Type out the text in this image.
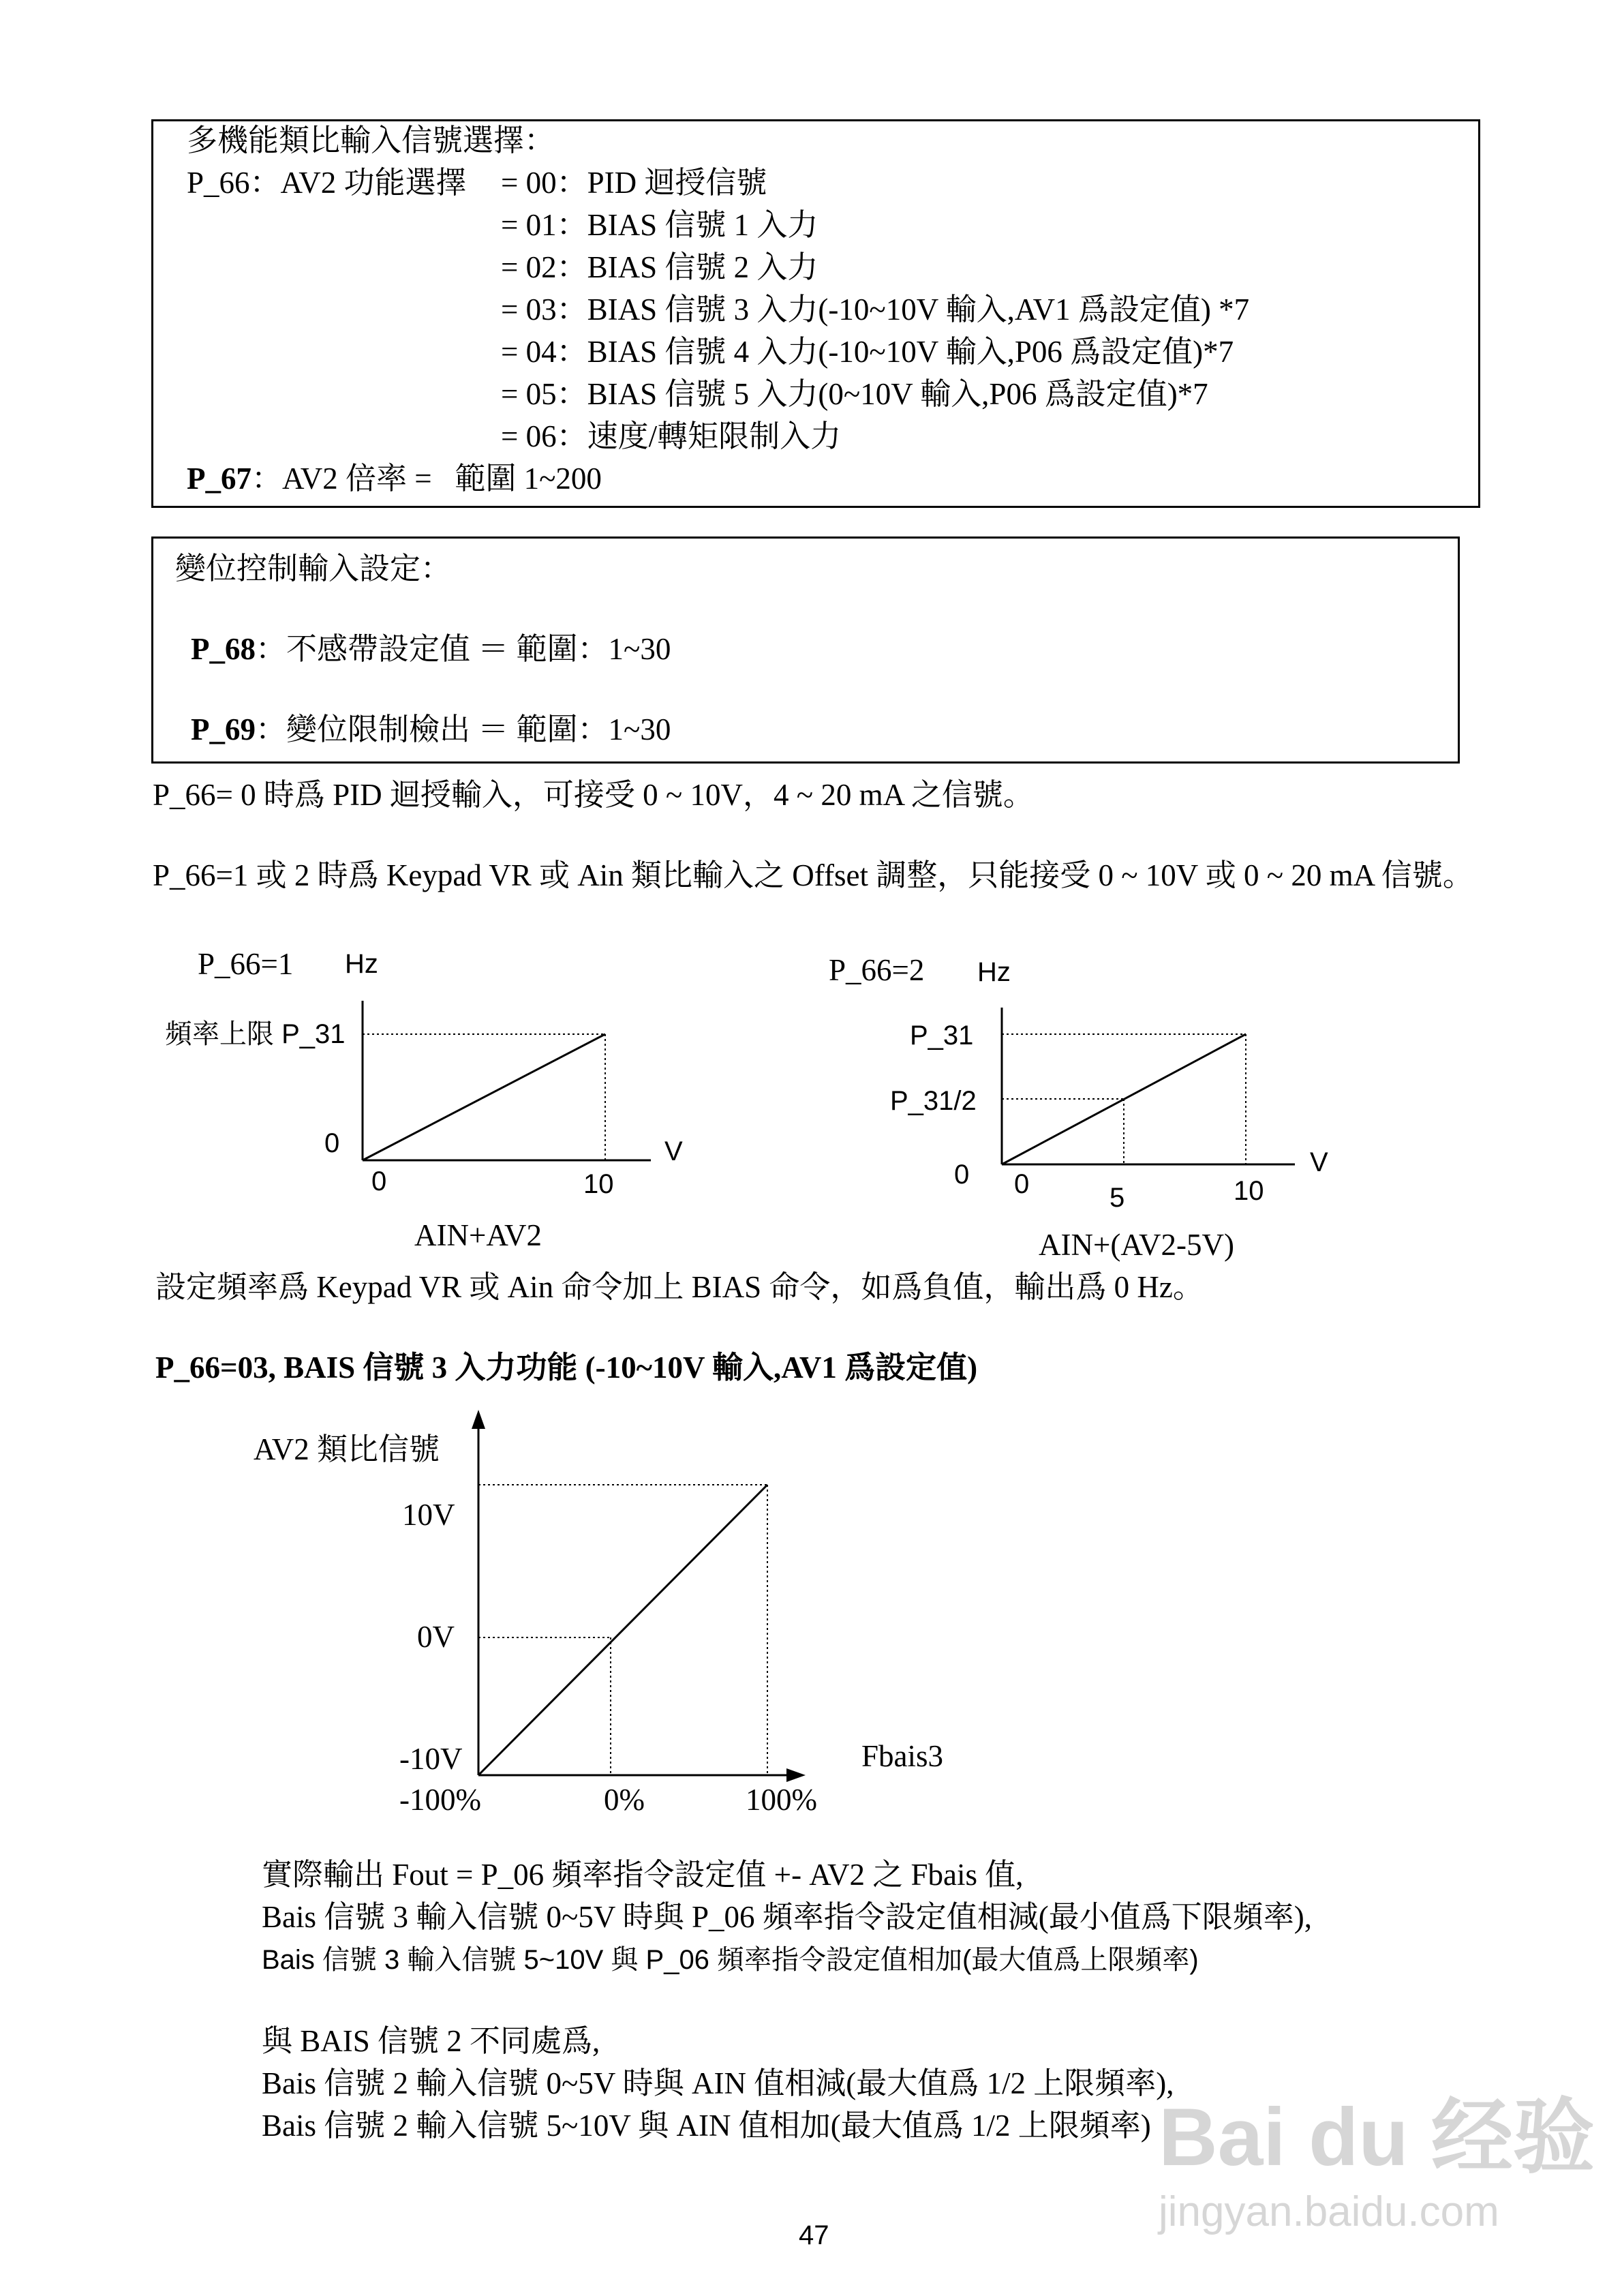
多機能類比輸入信號選擇：
P_66：AV2 功能選擇 = 00：PID 迴授信號
= 01：BIAS 信號 1 入力
= 02：BIAS 信號 2 入力
= 03：BIAS 信號 3 入力(-10~10V 輸入,AV1 爲設定值) *7
= 04：BIAS 信號 4 入力(-10~10V 輸入,P06 爲設定值)*7
= 05：BIAS 信號 5 入力(0~10V 輸入,P06 爲設定值)*7
= 06：速度/轉矩限制入力
P_67：AV2 倍率 = 範圍 1~200
變位控制輸入設定：
P_68：不感帶設定值 ＝ 範圍：1~30
P_69：變位限制檢出 ＝ 範圍：1~30
P_66= 0 時爲 PID 迴授輸入，可接受 0 ~ 10V，4 ~ 20 mA 之信號。
P_66=1 或 2 時爲 Keypad VR 或 Ain 類比輸入之 Offset 調整，只能接受 0 ~ 10V 或 0 ~ 20 mA 信號。
P_66=1 Hz
頻率上限 P_31
0
0	10
V
AIN+AV2
P_66=2 Hz
P_31
P_31/2
0 0	5	10
V
AIN+(AV2-5V)
設定頻率爲 Keypad VR 或 Ain 命令加上 BIAS 命令，如爲負值，輸出爲 0 Hz。
P_66=03, BAIS 信號 3 入力功能 (-10~10V 輸入,AV1 爲設定值)
AV2 類比信號
10V
0V
-10V
-100%	0%	100%
Fbais3
實際輸出 Fout = P_06 頻率指令設定值 +- AV2 之 Fbais 值,
Bais 信號 3 輸入信號 0~5V 時與 P_06 頻率指令設定值相減(最小值爲下限頻率),
Bais 信號 3 輸入信號 5~10V 與 P_06 頻率指令設定值相加(最大值爲上限頻率)
與 BAIS 信號 2 不同處爲,
Bais 信號 2 輸入信號 0~5V 時與 AIN 值相減(最大值爲 1/2 上限頻率),
Bais 信號 2 輸入信號 5~10V 與 AIN 值相加(最大值爲 1/2 上限頻率) Bai du 经验
jingyan.baidu.com
47
